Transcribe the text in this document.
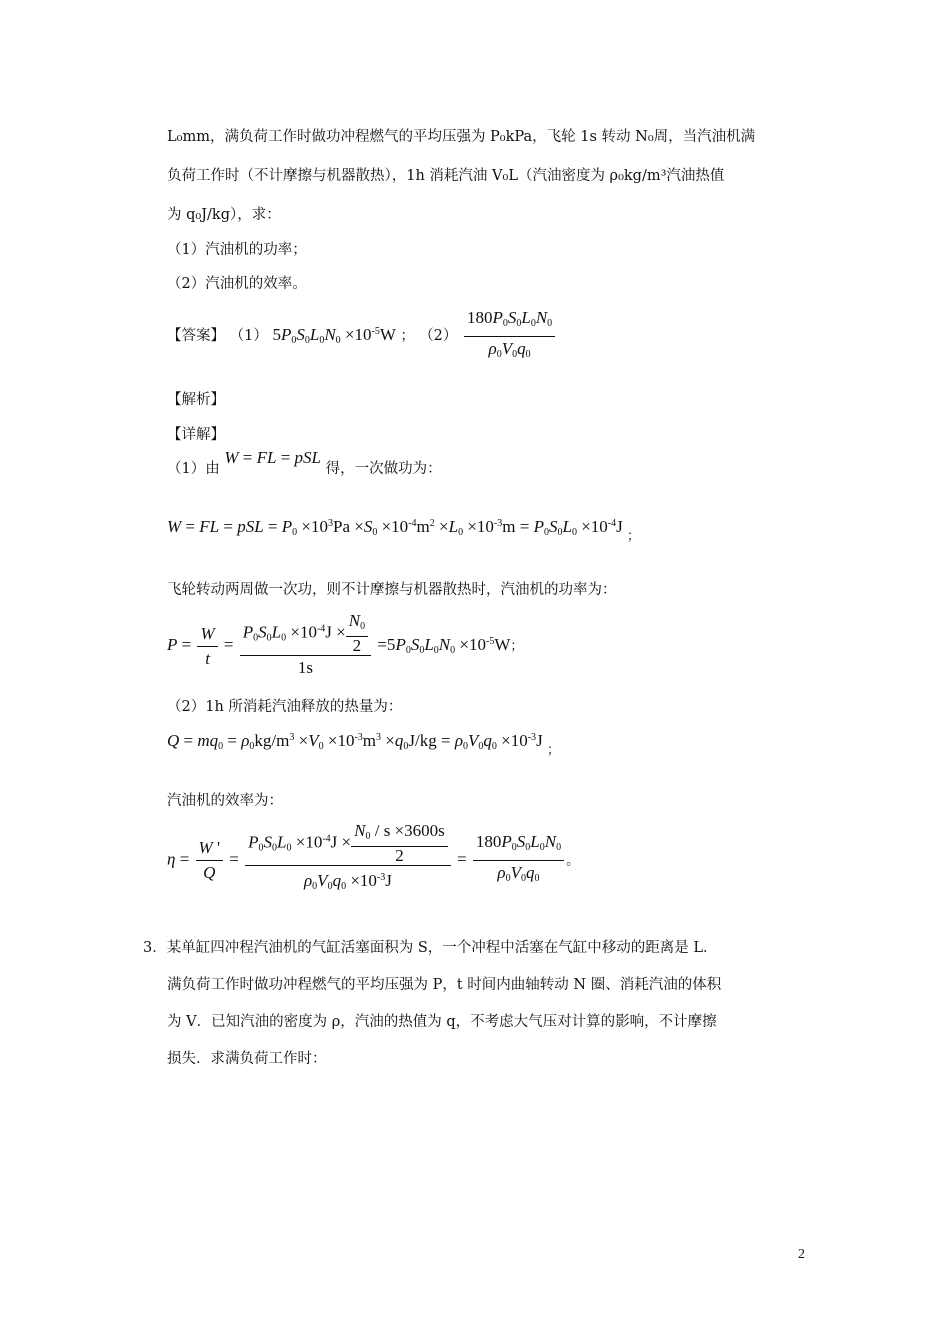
L₀mm，满负荷工作时做功冲程燃气的平均压强为 P₀kPa，飞轮 1s 转动 N₀周，当汽油机满
负荷工作时（不计摩擦与机器散热），1h 消耗汽油 V₀L（汽油密度为 ρ₀kg/m³汽油热值
为 q₀J/kg），求：
（1）汽油机的功率；
（2）汽油机的效率。
【答案】 （1） $5P_0S_0L_0N_0 \times 10^{-5}W$ ； $(2) \frac{180P_0S_0L_0N_0}{\rho_0V_0q_0}$
【解析】
【详解】
（1）由 W = FL = pSL 得，一次做功为：
W = FL = pSL = $P_0 \times 10^3Pa \times S_0 \times 10^{-4}m^2 \times L_0 \times 10^{-3}m = P_0S_0L_0 \times 10^{-4}J$ $_;$
飞轮转动两周做一次功，则不计摩擦与机器散热时，汽油机的功率为：
$P = \frac{W}{t} = \frac{P_0S_0L_0 \times 10^{-4}J \times \frac{N_0}{2}}{1s} =5P_0S_0L_0N_0 \times 10^{-5}W$；
（2）1h 所消耗汽油释放的热量为：
$Q = mq_0 = \rho_0kg/m^3 \times V_0 \times 10^{-3}m^3 \times q_0J/kg = \rho_0V_0q_0 \times 10^{-3}J$ $_;$
汽油机的效率为：
$\eta = \frac{W '}{Q} = \frac{P_0S_0L_0 \times 10^{-4}J \times \frac{N_0 / s \times 3600s}{2}}{\rho_0V_0q_0 \times 10^{-3}J} = \frac{180P_0S_0L_0N_0}{\rho_0V_0q_0}$ 。
3．某单缸四冲程汽油机的气缸活塞面积为 S，一个冲程中活塞在气缸中移动的距离是 L．
满负荷工作时做功冲程燃气的平均压强为 P，t 时间内曲轴转动 N 圈、消耗汽油的体积
为 V．已知汽油的密度为 ρ，汽油的热值为 q，不考虑大气压对计算的影响，不计摩擦
损失．求满负荷工作时：
2
